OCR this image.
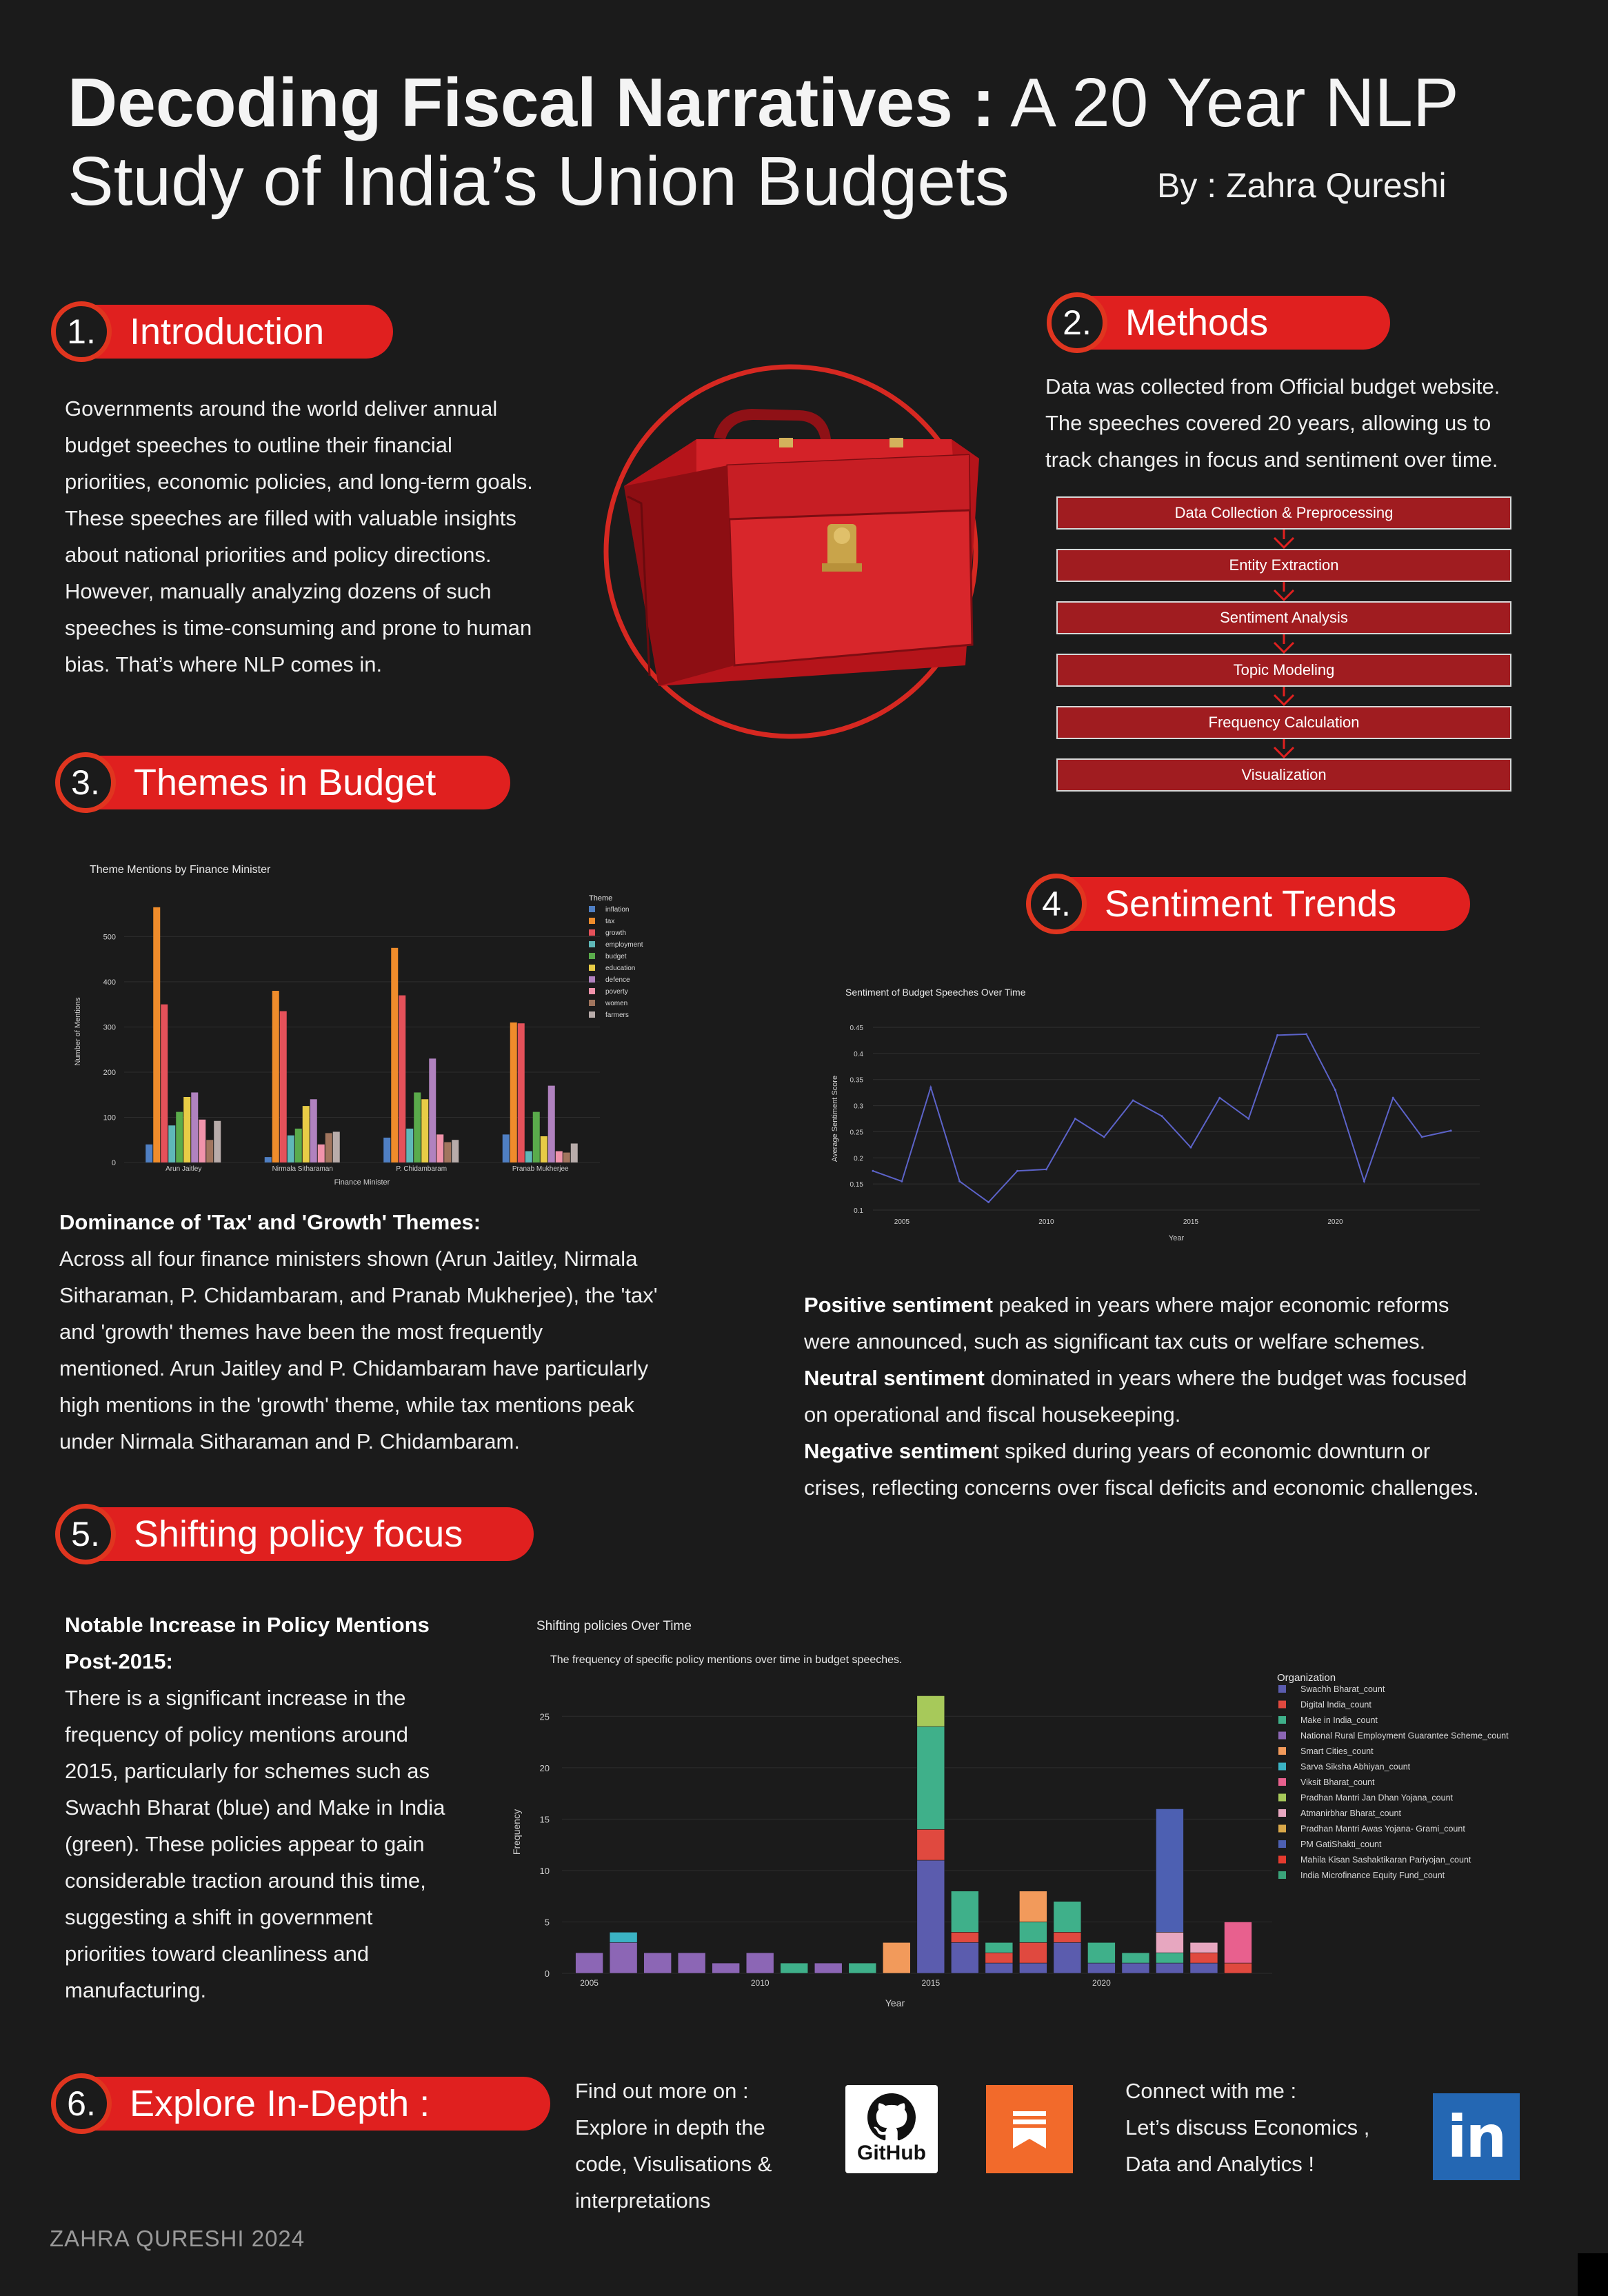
Decoding Fiscal Narratives : A 20 Year NLP
Study of India’s Union Budgets	By : Zahra Qureshi
1. Introduction
Governments around the world deliver annual
budget speeches to outline their financial
priorities, economic policies, and long-term goals.
These speeches are filled with valuable insights
about national priorities and policy directions.
However, manually analyzing dozens of such
speeches is time-consuming and prone to human
bias. That’s where NLP comes in.
2. Methods
Data was collected from Official budget website.
The speeches covered 20 years, allowing us to
track changes in focus and sentiment over time.
Data Collection & Preprocessing
Entity Extraction
Sentiment Analysis
Topic Modeling
Frequency Calculation
Visualization
3. Themes in Budget
Theme Mentions by Finance Minister
0
100
200
300
400
500
Number of Mentions
Arun Jaitley	Nirmala Sitharaman	P. Chidambaram	Pranab Mukherjee
Finance Minister
Theme
inflation
tax
growth
employment
budget
education
defence
poverty
women
farmers
Dominance of 'Tax' and 'Growth' Themes:
Across all four finance ministers shown (Arun Jaitley, Nirmala
Sitharaman, P. Chidambaram, and Pranab Mukherjee), the 'tax'
and 'growth' themes have been the most frequently
mentioned. Arun Jaitley and P. Chidambaram have particularly
high mentions in the 'growth' theme, while tax mentions peak
under Nirmala Sitharaman and P. Chidambaram.
4. Sentiment Trends
Sentiment of Budget Speeches Over Time
0.1
0.15
0.2
0.25
0.3
0.35
0.4
0.45
2005	2010	2015	2020
Average Sentiment Score
Year
Positive sentiment peaked in years where major economic reforms
were announced, such as significant tax cuts or welfare schemes.
Neutral sentiment dominated in years where the budget was focused
on operational and fiscal housekeeping.
Negative sentiment spiked during years of economic downturn or
crises, reflecting concerns over fiscal deficits and economic challenges.
5. Shifting policy focus
Notable Increase in Policy Mentions
Post-2015:
There is a significant increase in the
frequency of policy mentions around
2015, particularly for schemes such as
Swachh Bharat (blue) and Make in India
(green). These policies appear to gain
considerable traction around this time,
suggesting a shift in government
priorities toward cleanliness and
manufacturing.
Shifting policies Over Time
The frequency of specific policy mentions over time in budget speeches.
0
5
10
15
20
25
2005	2010	2015	2020
Frequency
Year
Organization
Swachh Bharat_count
Digital India_count
Make in India_count
National Rural Employment Guarantee Scheme_count
Smart Cities_count
Sarva Siksha Abhiyan_count
Viksit Bharat_count
Pradhan Mantri Jan Dhan Yojana_count
Atmanirbhar Bharat_count
Pradhan Mantri Awas Yojana- Grami_count
PM GatiShakti_count
Mahila Kisan Sashaktikaran Pariyojan_count
India Microfinance Equity Fund_count
6. Explore In-Depth :	Find out more on :
Explore in depth the
code, Visulisations &
interpretations
GitHub
Connect with me :
Let’s discuss Economics ,
Data and Analytics !	in
ZAHRA QURESHI 2024
